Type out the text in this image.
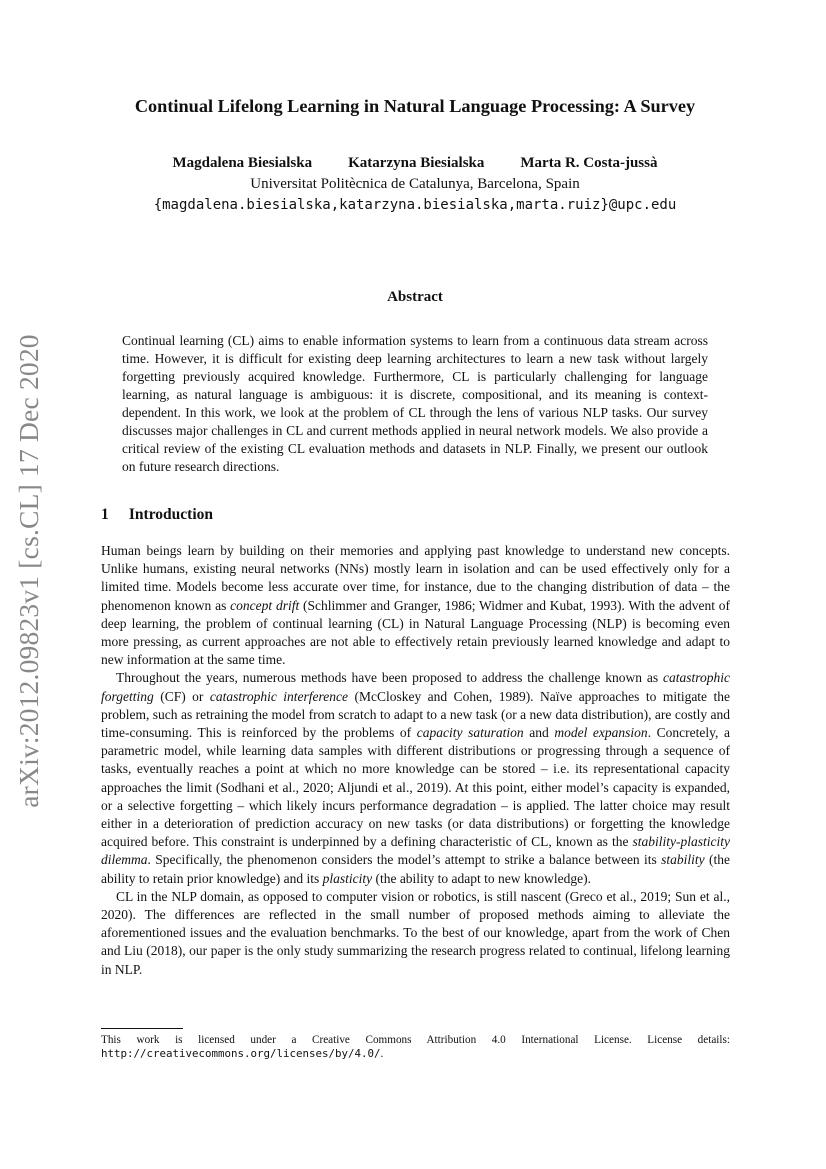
arXiv:2012.09823v1 [cs.CL] 17 Dec 2020
Continual Lifelong Learning in Natural Language Processing: A Survey
Magdalena Biesialska Katarzyna Biesialska Marta R. Costa-jussà
Universitat Politècnica de Catalunya, Barcelona, Spain
{magdalena.biesialska,katarzyna.biesialska,marta.ruiz}@upc.edu
Abstract

Continual learning (CL) aims to enable information systems to learn from a continuous data stream across time. However, it is difficult for existing deep learning architectures to learn a new task without largely forgetting previously acquired knowledge. Furthermore, CL is particularly challenging for language learning, as natural language is ambiguous: it is discrete, compositional, and its meaning is context-dependent. In this work, we look at the problem of CL through the lens of various NLP tasks. Our survey discusses major challenges in CL and current methods applied in neural network models. We also provide a critical review of the existing CL evaluation methods and datasets in NLP. Finally, we present our outlook on future research directions.

1 Introduction

Human beings learn by building on their memories and applying past knowledge to understand new concepts. Unlike humans, existing neural networks (NNs) mostly learn in isolation and can be used effectively only for a limited time. Models become less accurate over time, for instance, due to the changing distribution of data – the phenomenon known as concept drift (Schlimmer and Granger, 1986; Widmer and Kubat, 1993). With the advent of deep learning, the problem of continual learning (CL) in Natural Language Processing (NLP) is becoming even more pressing, as current approaches are not able to effectively retain previously learned knowledge and adapt to new information at the same time.

Throughout the years, numerous methods have been proposed to address the challenge known as catastrophic forgetting (CF) or catastrophic interference (McCloskey and Cohen, 1989). Naïve approaches to mitigate the problem, such as retraining the model from scratch to adapt to a new task (or a new data distribution), are costly and time-consuming. This is reinforced by the problems of capacity saturation and model expansion. Concretely, a parametric model, while learning data samples with different distributions or progressing through a sequence of tasks, eventually reaches a point at which no more knowledge can be stored – i.e. its representational capacity approaches the limit (Sodhani et al., 2020; Aljundi et al., 2019). At this point, either model’s capacity is expanded, or a selective forgetting – which likely incurs performance degradation – is applied. The latter choice may result either in a deterioration of prediction accuracy on new tasks (or data distributions) or forgetting the knowledge acquired before. This constraint is underpinned by a defining characteristic of CL, known as the stability-plasticity dilemma. Specifically, the phenomenon considers the model’s attempt to strike a balance between its stability (the ability to retain prior knowledge) and its plasticity (the ability to adapt to new knowledge).

CL in the NLP domain, as opposed to computer vision or robotics, is still nascent (Greco et al., 2019; Sun et al., 2020). The differences are reflected in the small number of proposed methods aiming to alleviate the aforementioned issues and the evaluation benchmarks. To the best of our knowledge, apart from the work of Chen and Liu (2018), our paper is the only study summarizing the research progress related to continual, lifelong learning in NLP.

This work is licensed under a Creative Commons Attribution 4.0 International License. License details: http://creativecommons.org/licenses/by/4.0/.
